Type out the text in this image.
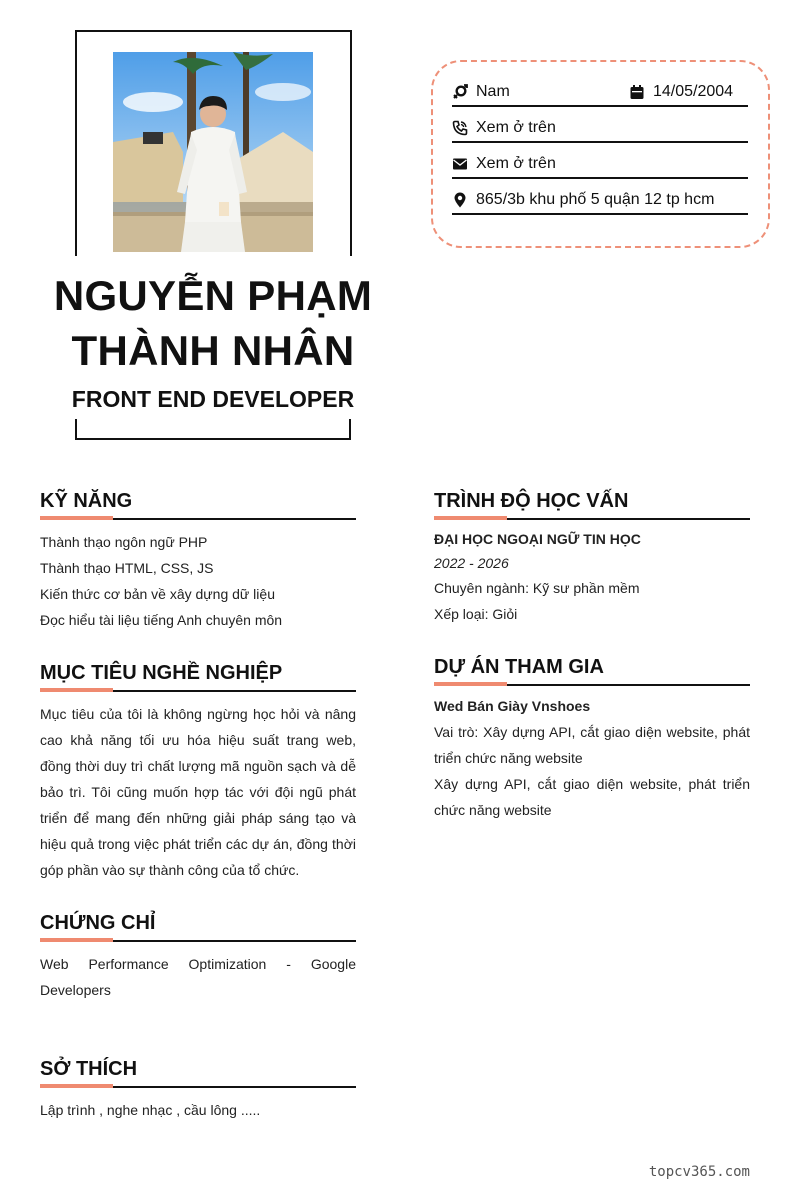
NGUYỄN PHẠM THÀNH NHÂN
FRONT END DEVELOPER
Nam	14/05/2004
Xem ở trên
Xem ở trên
865/3b khu phố 5 quận 12 tp hcm
KỸ NĂNG
Thành thạo ngôn ngữ PHP
Thành thạo HTML, CSS, JS
Kiến thức cơ bản về xây dựng dữ liệu
Đọc hiểu tài liệu tiếng Anh chuyên môn
MỤC TIÊU NGHỀ NGHIỆP
Mục tiêu của tôi là không ngừng học hỏi và nâng cao khả năng tối ưu hóa hiệu suất trang web, đồng thời duy trì chất lượng mã nguồn sạch và dễ bảo trì. Tôi cũng muốn hợp tác với đội ngũ phát triển để mang đến những giải pháp sáng tạo và hiệu quả trong việc phát triển các dự án, đồng thời góp phần vào sự thành công của tổ chức.
CHỨNG CHỈ
Web Performance Optimization - Google Developers
SỞ THÍCH
Lập trình , nghe nhạc , cầu lông .....
TRÌNH ĐỘ HỌC VẤN
ĐẠI HỌC NGOẠI NGỮ TIN HỌC
2022 - 2026
Chuyên ngành: Kỹ sư phần mềm
Xếp loại: Giỏi
DỰ ÁN THAM GIA
Wed Bán Giày Vnshoes
Vai trò: Xây dựng API, cắt giao diện website, phát triển chức năng website
Xây dựng API, cắt giao diện website, phát triển chức năng website
topcv365.com
